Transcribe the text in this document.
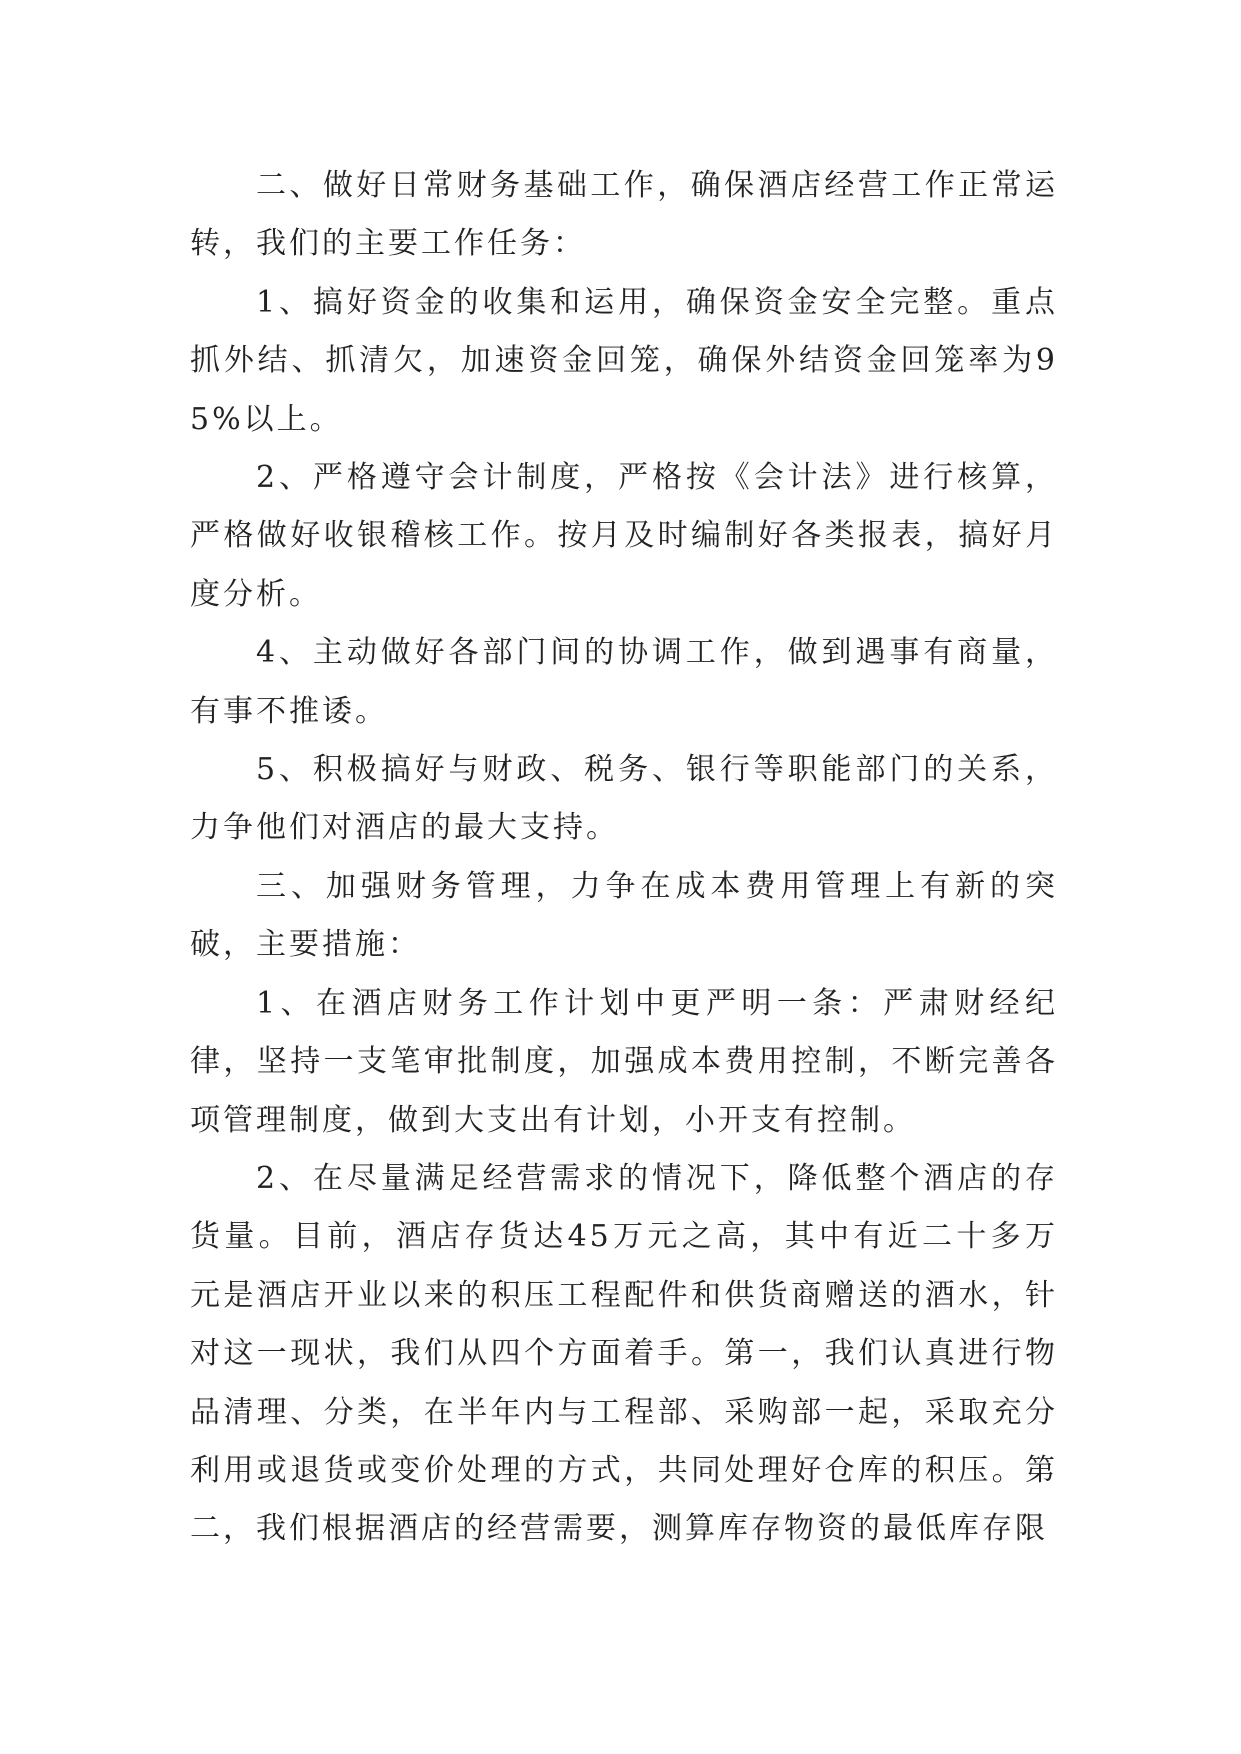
二、做好日常财务基础工作，确保酒店经营工作正常运转，我们的主要工作任务：

1、搞好资金的收集和运用，确保资金安全完整。重点抓外结、抓清欠，加速资金回笼，确保外结资金回笼率为95%以上。

2、严格遵守会计制度，严格按《会计法》进行核算，严格做好收银稽核工作。按月及时编制好各类报表，搞好月度分析。

4、主动做好各部门间的协调工作，做到遇事有商量，有事不推诿。

5、积极搞好与财政、税务、银行等职能部门的关系，力争他们对酒店的最大支持。

三、加强财务管理，力争在成本费用管理上有新的突破，主要措施：

1、在酒店财务工作计划中更严明一条：严肃财经纪律，坚持一支笔审批制度，加强成本费用控制，不断完善各项管理制度，做到大支出有计划，小开支有控制。

2、在尽量满足经营需求的情况下，降低整个酒店的存货量。目前，酒店存货达45万元之高，其中有近二十多万元是酒店开业以来的积压工程配件和供货商赠送的酒水，针对这一现状，我们从四个方面着手。第一，我们认真进行物品清理、分类，在半年内与工程部、采购部一起，采取充分利用或退货或变价处理的方式，共同处理好仓库的积压。第二，我们根据酒店的经营需要，测算库存物资的最低库存限
